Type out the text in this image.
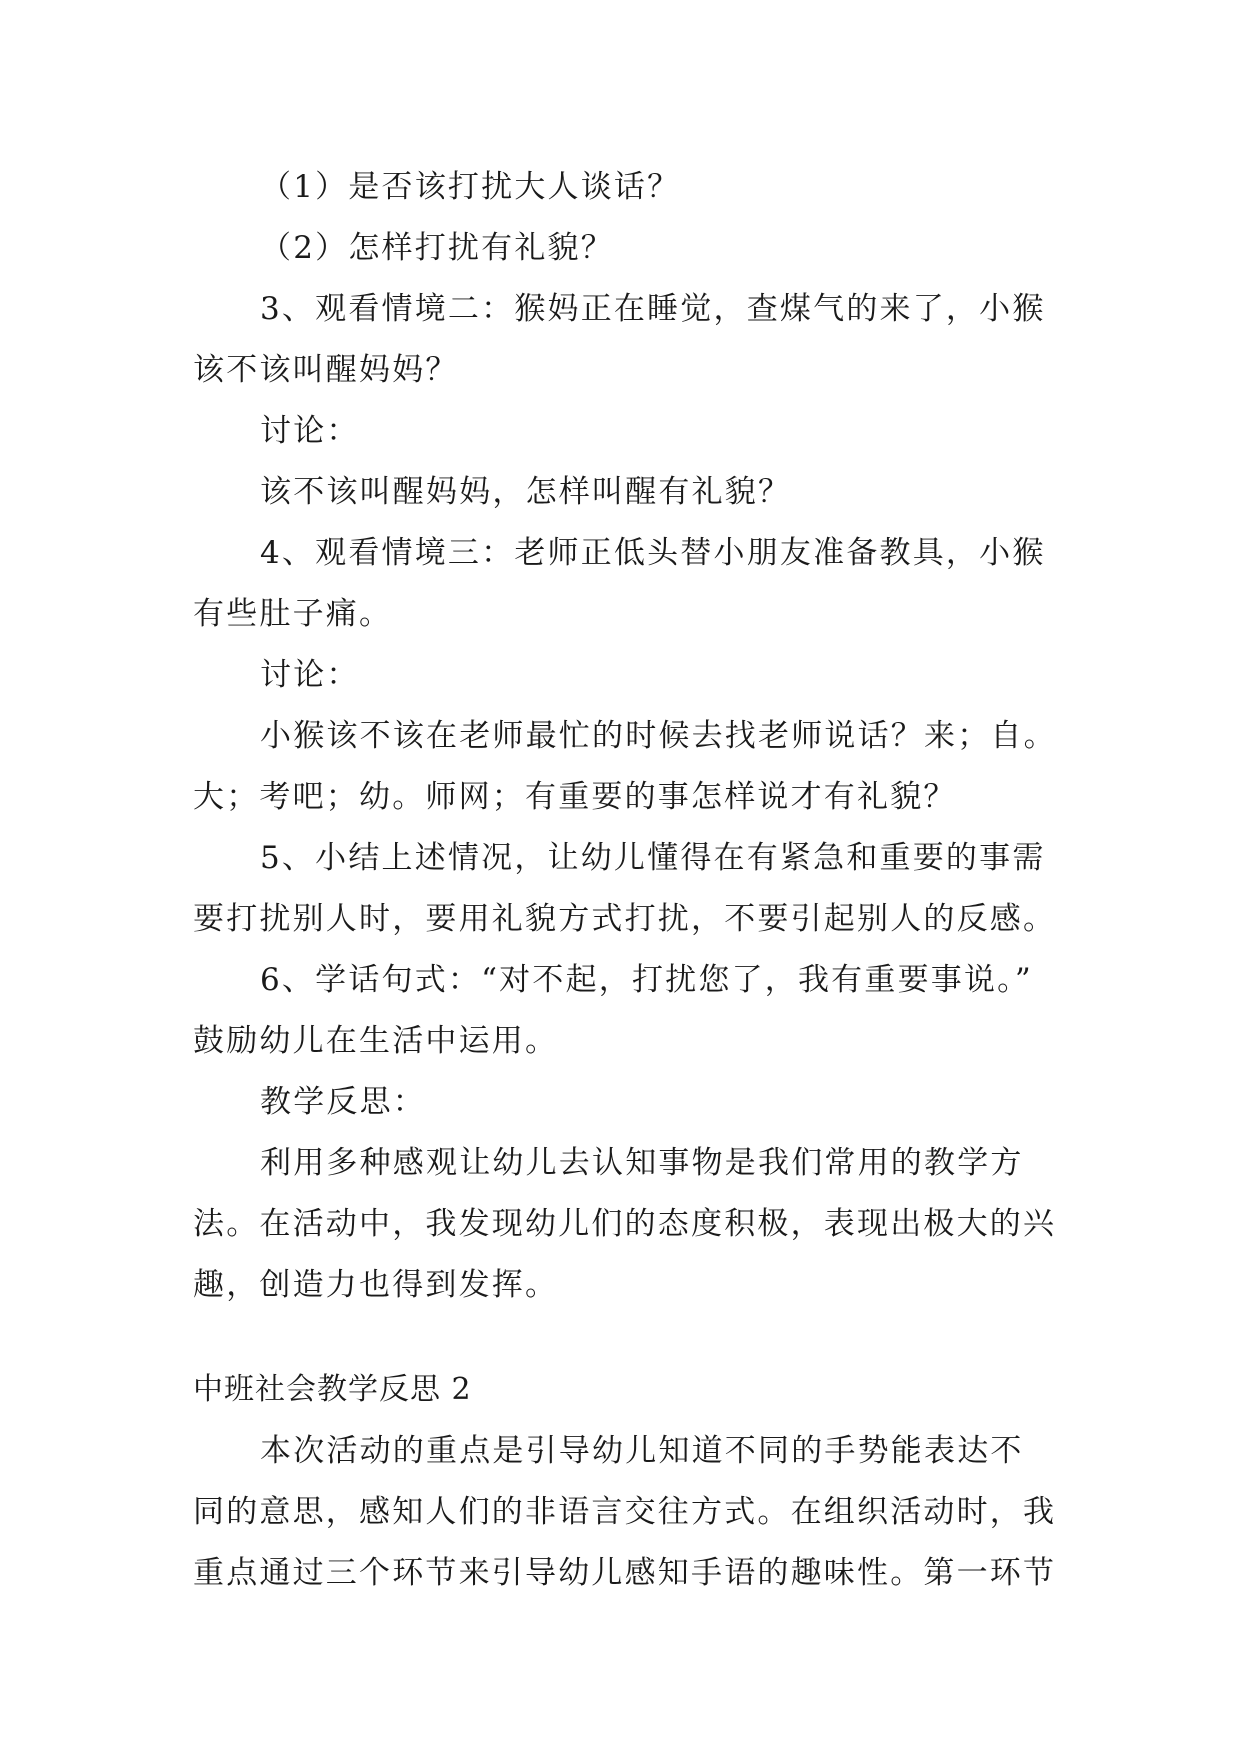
（1）是否该打扰大人谈话？
（2）怎样打扰有礼貌？
3、观看情境二：猴妈正在睡觉，查煤气的来了，小猴
该不该叫醒妈妈？
讨论：
该不该叫醒妈妈，怎样叫醒有礼貌？
4、观看情境三：老师正低头替小朋友准备教具，小猴
有些肚子痛。
讨论：
小猴该不该在老师最忙的时候去找老师说话？来；自。
大；考吧；幼。师网；有重要的事怎样说才有礼貌？
5、小结上述情况，让幼儿懂得在有紧急和重要的事需
要打扰别人时，要用礼貌方式打扰，不要引起别人的反感。
6、学话句式：“对不起，打扰您了，我有重要事说。”
鼓励幼儿在生活中运用。
教学反思：
利用多种感观让幼儿去认知事物是我们常用的教学方
法。在活动中，我发现幼儿们的态度积极，表现出极大的兴
趣，创造力也得到发挥。
中班社会教学反思 2
本次活动的重点是引导幼儿知道不同的手势能表达不
同的意思，感知人们的非语言交往方式。在组织活动时，我
重点通过三个环节来引导幼儿感知手语的趣味性。第一环节
